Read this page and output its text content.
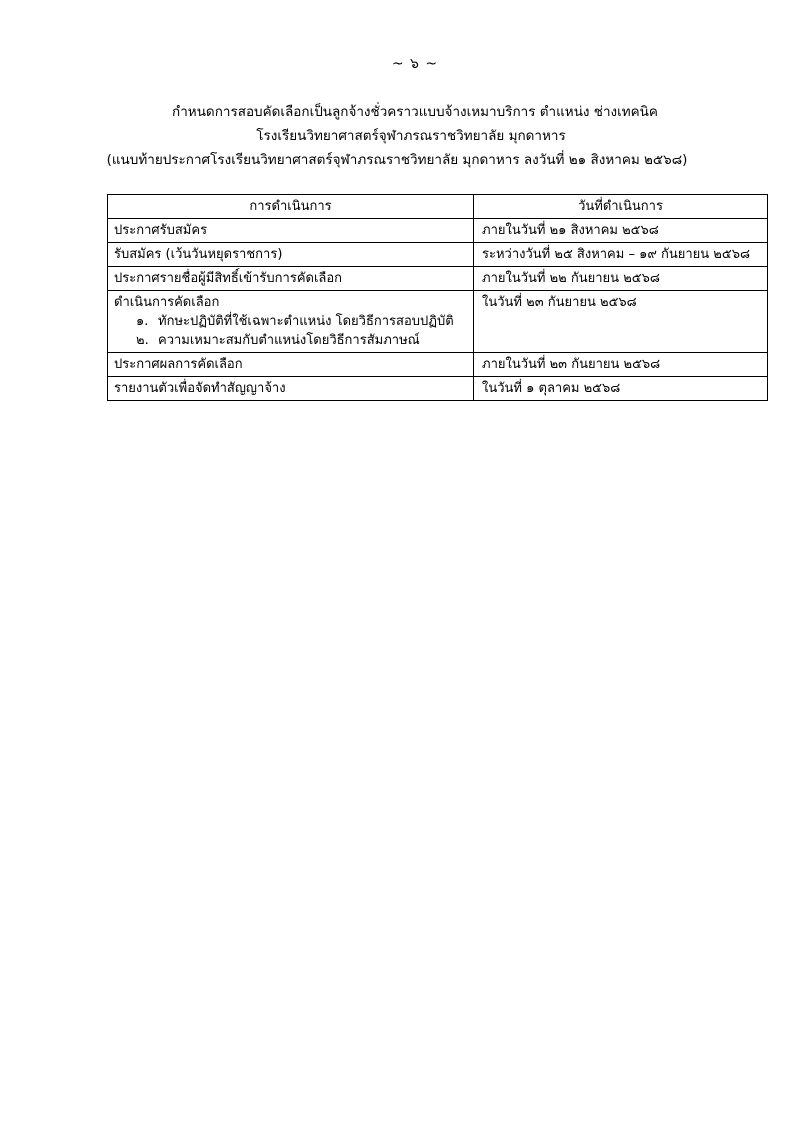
~ ๖ ~
กำหนดการสอบคัดเลือกเป็นลูกจ้างชั่วคราวแบบจ้างเหมาบริการ ตำแหน่ง ช่างเทคนิค
โรงเรียนวิทยาศาสตร์จุฬาภรณราชวิทยาลัย มุกดาหาร
(แนบท้ายประกาศโรงเรียนวิทยาศาสตร์จุฬาภรณราชวิทยาลัย มุกดาหาร ลงวันที่ ๒๑ สิงหาคม ๒๕๖๘)
การดำเนินการ	วันที่ดำเนินการ
ประกาศรับสมัคร	ภายในวันที่ ๒๑ สิงหาคม ๒๕๖๘
รับสมัคร (เว้นวันหยุดราชการ)	ระหว่างวันที่ ๒๕ สิงหาคม – ๑๙ กันยายน ๒๕๖๘
ประกาศรายชื่อผู้มีสิทธิ์เข้ารับการคัดเลือก	ภายในวันที่ ๒๒ กันยายน ๒๕๖๘
ดำเนินการคัดเลือก
๑. ทักษะปฏิบัติที่ใช้เฉพาะตำแหน่ง โดยวิธีการสอบปฏิบัติ
๒. ความเหมาะสมกับตำแหน่งโดยวิธีการสัมภาษณ์	ในวันที่ ๒๓ กันยายน ๒๕๖๘
ประกาศผลการคัดเลือก	ภายในวันที่ ๒๓ กันยายน ๒๕๖๘
รายงานตัวเพื่อจัดทำสัญญาจ้าง	ในวันที่ ๑ ตุลาคม ๒๕๖๘
